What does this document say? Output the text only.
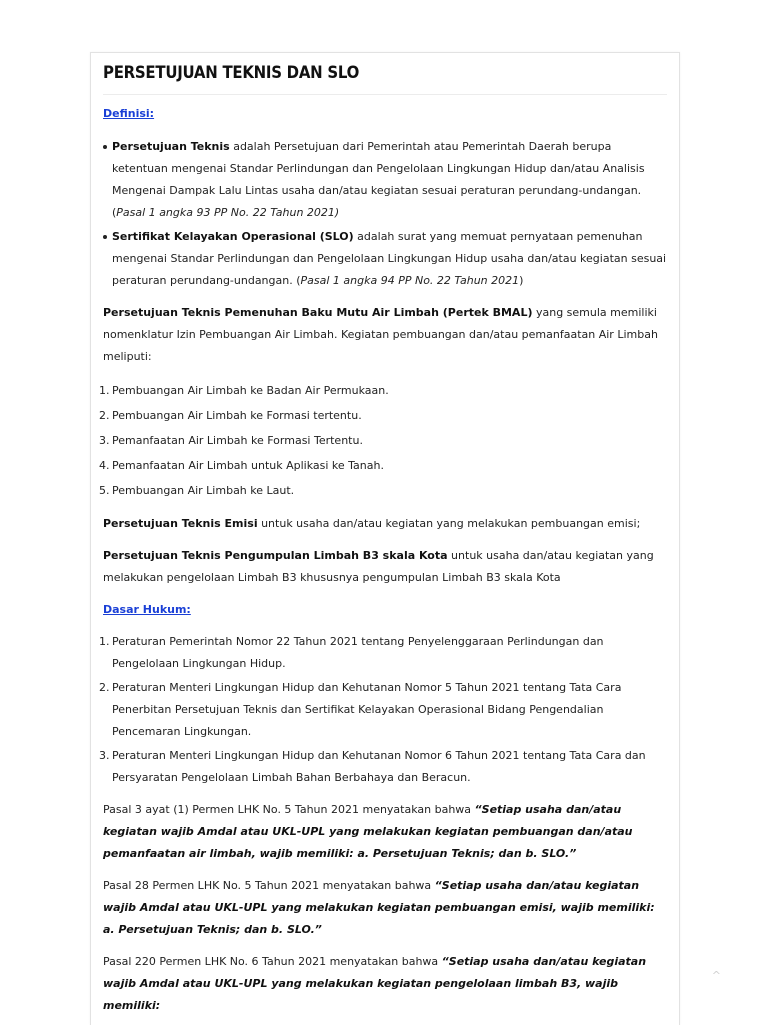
PERSETUJUAN TEKNIS DAN SLO

Definisi:

Persetujuan Teknis adalah Persetujuan dari Pemerintah atau Pemerintah Daerah berupa ketentuan mengenai Standar Perlindungan dan Pengelolaan Lingkungan Hidup dan/atau Analisis Mengenai Dampak Lalu Lintas usaha dan/atau kegiatan sesuai peraturan perundang-undangan. (Pasal 1 angka 93 PP No. 22 Tahun 2021)
Sertifikat Kelayakan Operasional (SLO) adalah surat yang memuat pernyataan pemenuhan mengenai Standar Perlindungan dan Pengelolaan Lingkungan Hidup usaha dan/atau kegiatan sesuai peraturan perundang-undangan. (Pasal 1 angka 94 PP No. 22 Tahun 2021)

Persetujuan Teknis Pemenuhan Baku Mutu Air Limbah (Pertek BMAL) yang semula memiliki nomenklatur Izin Pembuangan Air Limbah. Kegiatan pembuangan dan/atau pemanfaatan Air Limbah meliputi:

1. Pembuangan Air Limbah ke Badan Air Permukaan.
2. Pembuangan Air Limbah ke Formasi tertentu.
3. Pemanfaatan Air Limbah ke Formasi Tertentu.
4. Pemanfaatan Air Limbah untuk Aplikasi ke Tanah.
5. Pembuangan Air Limbah ke Laut.

Persetujuan Teknis Emisi untuk usaha dan/atau kegiatan yang melakukan pembuangan emisi;

Persetujuan Teknis Pengumpulan Limbah B3 skala Kota untuk usaha dan/atau kegiatan yang melakukan pengelolaan Limbah B3 khususnya pengumpulan Limbah B3 skala Kota

Dasar Hukum:

1. Peraturan Pemerintah Nomor 22 Tahun 2021 tentang Penyelenggaraan Perlindungan dan Pengelolaan Lingkungan Hidup.
2. Peraturan Menteri Lingkungan Hidup dan Kehutanan Nomor 5 Tahun 2021 tentang Tata Cara Penerbitan Persetujuan Teknis dan Sertifikat Kelayakan Operasional Bidang Pengendalian Pencemaran Lingkungan.
3. Peraturan Menteri Lingkungan Hidup dan Kehutanan Nomor 6 Tahun 2021 tentang Tata Cara dan Persyaratan Pengelolaan Limbah Bahan Berbahaya dan Beracun.

Pasal 3 ayat (1) Permen LHK No. 5 Tahun 2021 menyatakan bahwa “Setiap usaha dan/atau kegiatan wajib Amdal atau UKL-UPL yang melakukan kegiatan pembuangan dan/atau pemanfaatan air limbah, wajib memiliki: a. Persetujuan Teknis; dan b. SLO.”

Pasal 28 Permen LHK No. 5 Tahun 2021 menyatakan bahwa “Setiap usaha dan/atau kegiatan wajib Amdal atau UKL-UPL yang melakukan kegiatan pembuangan emisi, wajib memiliki: a. Persetujuan Teknis; dan b. SLO.”

Pasal 220 Permen LHK No. 6 Tahun 2021 menyatakan bahwa “Setiap usaha dan/atau kegiatan wajib Amdal atau UKL-UPL yang melakukan kegiatan pengelolaan limbah B3, wajib memiliki:

^
